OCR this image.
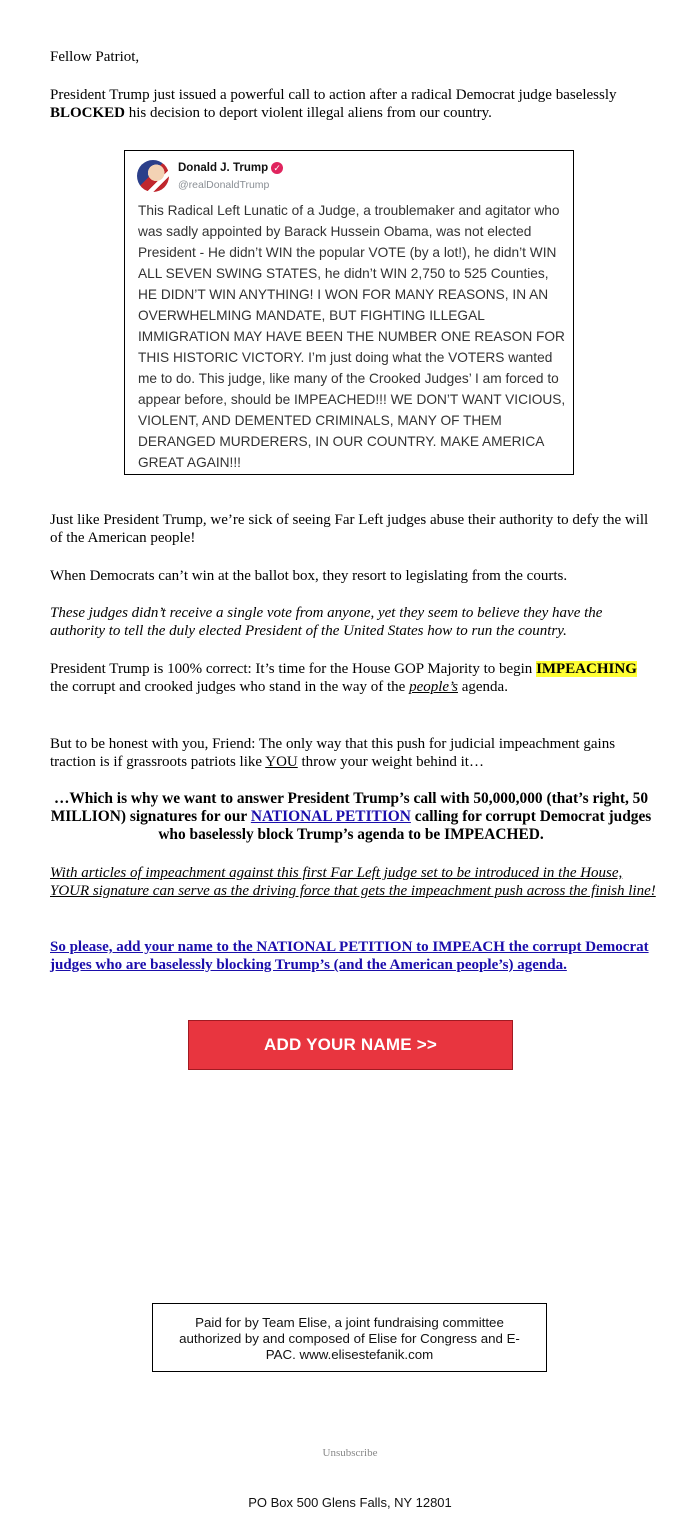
Fellow Patriot,

President Trump just issued a powerful call to action after a radical Democrat judge baselessly BLOCKED his decision to deport violent illegal aliens from our country.

Donald J. Trump ✓
@realDonaldTrump
This Radical Left Lunatic of a Judge, a troublemaker and agitator who was sadly appointed by Barack Hussein Obama, was not elected President - He didn’t WIN the popular VOTE (by a lot!), he didn’t WIN ALL SEVEN SWING STATES, he didn’t WIN 2,750 to 525 Counties, HE DIDN’T WIN ANYTHING! I WON FOR MANY REASONS, IN AN OVERWHELMING MANDATE, BUT FIGHTING ILLEGAL IMMIGRATION MAY HAVE BEEN THE NUMBER ONE REASON FOR THIS HISTORIC VICTORY. I’m just doing what the VOTERS wanted me to do. This judge, like many of the Crooked Judges’ I am forced to appear before, should be IMPEACHED!!! WE DON’T WANT VICIOUS, VIOLENT, AND DEMENTED CRIMINALS, MANY OF THEM DERANGED MURDERERS, IN OUR COUNTRY. MAKE AMERICA GREAT AGAIN!!!

Just like President Trump, we’re sick of seeing Far Left judges abuse their authority to defy the will of the American people!

When Democrats can’t win at the ballot box, they resort to legislating from the courts.

These judges didn’t receive a single vote from anyone, yet they seem to believe they have the authority to tell the duly elected President of the United States how to run the country.

President Trump is 100% correct: It’s time for the House GOP Majority to begin IMPEACHING the corrupt and crooked judges who stand in the way of the people’s agenda.

But to be honest with you, Friend: The only way that this push for judicial impeachment gains traction is if grassroots patriots like YOU throw your weight behind it…

…Which is why we want to answer President Trump’s call with 50,000,000 (that’s right, 50 MILLION) signatures for our NATIONAL PETITION calling for corrupt Democrat judges who baselessly block Trump’s agenda to be IMPEACHED.

With articles of impeachment against this first Far Left judge set to be introduced in the House, YOUR signature can serve as the driving force that gets the impeachment push across the finish line!

So please, add your name to the NATIONAL PETITION to IMPEACH the corrupt Democrat judges who are baselessly blocking Trump’s (and the American people’s) agenda.

ADD YOUR NAME >>
Paid for by Team Elise, a joint fundraising committee authorized by and composed of Elise for Congress and E-PAC. www.elisestefanik.com
Unsubscribe
PO Box 500 Glens Falls, NY 12801
